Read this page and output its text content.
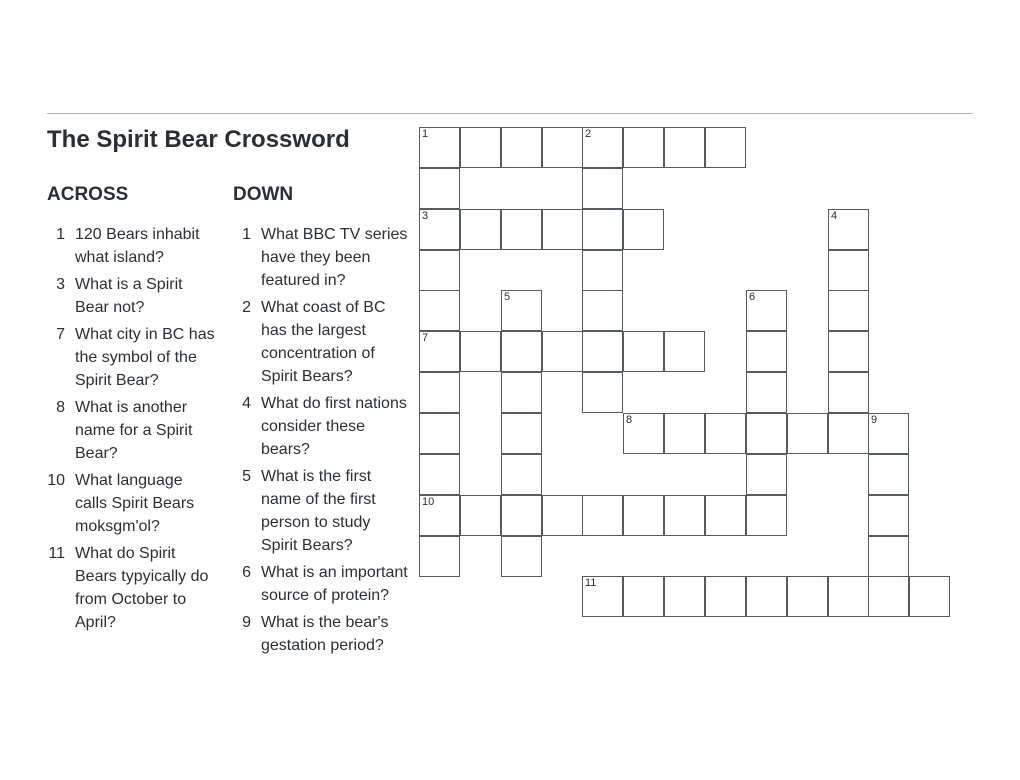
The Spirit Bear Crossword
ACROSS	DOWN
1 120 Bears inhabit what island?
3 What is a Spirit Bear not?
7 What city in BC has the symbol of the Spirit Bear?
8 What is another name for a Spirit Bear?
10 What language calls Spirit Bears moksgm'ol?
11 What do Spirit Bears typyically do from October to April?
1 What BBC TV series have they been featured in?
2 What coast of BC has the largest concentration of Spirit Bears?
4 What do first nations consider these bears?
5 What is the first name of the first person to study Spirit Bears?
6 What is an important source of protein?
9 What is the bear's gestation period?
1	2
3
7
8	9
10
11
4
5	6
